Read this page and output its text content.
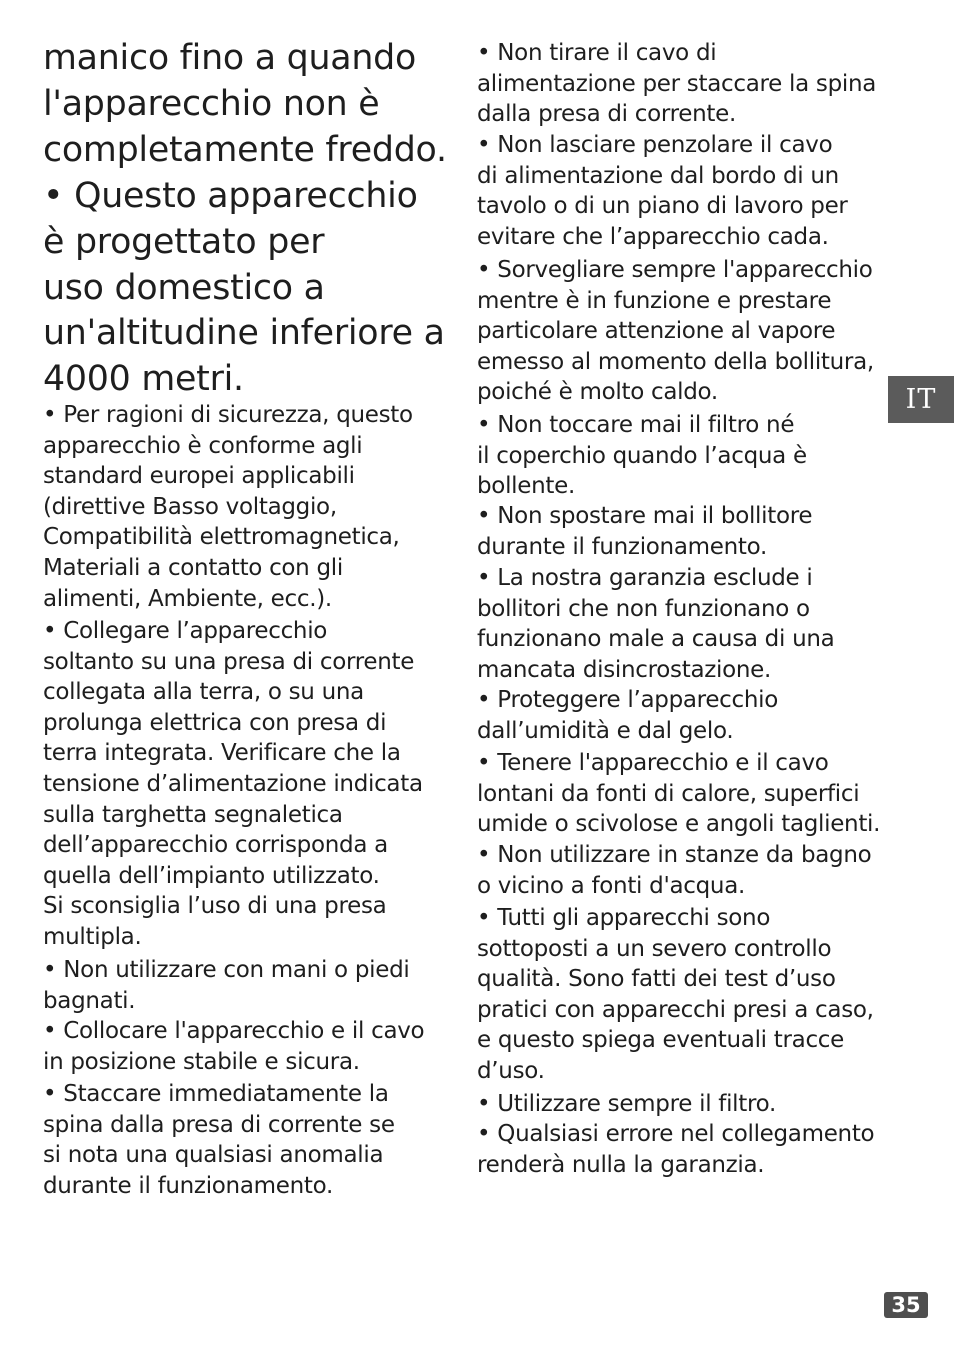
manico fino a quando
l'apparecchio non è
completamente freddo.
• Questo apparecchio
è progettato per
uso domestico a
un'altitudine inferiore a
4000 metri.
• Per ragioni di sicurezza, questo
apparecchio è conforme agli
standard europei applicabili
(direttive Basso voltaggio,
Compatibilità elettromagnetica,
Materiali a contatto con gli
alimenti, Ambiente, ecc.).
• Collegare l’apparecchio
soltanto su una presa di corrente
collegata alla terra, o su una
prolunga elettrica con presa di
terra integrata. Verificare che la
tensione d’alimentazione indicata
sulla targhetta segnaletica
dell’apparecchio corrisponda a
quella dell’impianto utilizzato.
Si sconsiglia l’uso di una presa
multipla.
• Non utilizzare con mani o piedi
bagnati.
• Collocare l'apparecchio e il cavo
in posizione stabile e sicura.
• Staccare immediatamente la
spina dalla presa di corrente se
si nota una qualsiasi anomalia
durante il funzionamento.
• Non tirare il cavo di
alimentazione per staccare la spina
dalla presa di corrente.
• Non lasciare penzolare il cavo
di alimentazione dal bordo di un
tavolo o di un piano di lavoro per
evitare che l’apparecchio cada.
• Sorvegliare sempre l'apparecchio
mentre è in funzione e prestare
particolare attenzione al vapore
emesso al momento della bollitura,
poiché è molto caldo.
• Non toccare mai il filtro né
il coperchio quando l’acqua è
bollente.
• Non spostare mai il bollitore
durante il funzionamento.
• La nostra garanzia esclude i
bollitori che non funzionano o
funzionano male a causa di una
mancata disincrostazione.
• Proteggere l’apparecchio
dall’umidità e dal gelo.
• Tenere l'apparecchio e il cavo
lontani da fonti di calore, superfici
umide o scivolose e angoli taglienti.
• Non utilizzare in stanze da bagno
o vicino a fonti d'acqua.
• Tutti gli apparecchi sono
sottoposti a un severo controllo
qualità. Sono fatti dei test d’uso
pratici con apparecchi presi a caso,
e questo spiega eventuali tracce
d’uso.
• Utilizzare sempre il filtro.
• Qualsiasi errore nel collegamento
renderà nulla la garanzia.
IT
35
